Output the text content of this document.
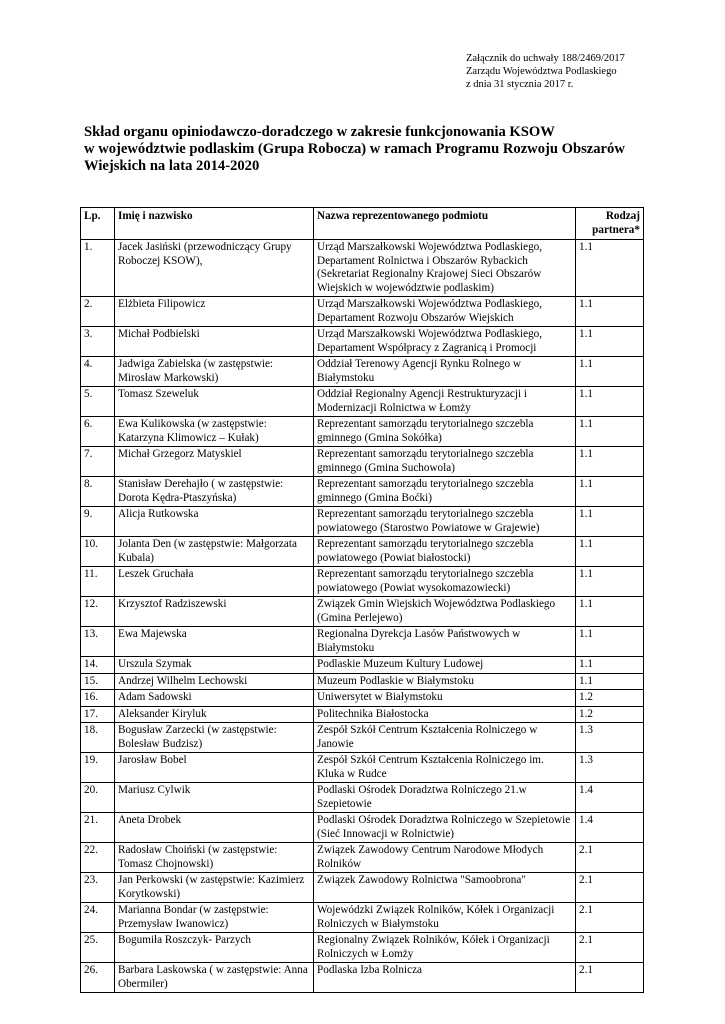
Załącznik do uchwały 188/2469/2017
Zarządu Województwa Podlaskiego
z dnia 31 stycznia 2017 r.
Skład organu opiniodawczo-doradczego w zakresie funkcjonowania KSOW
w województwie podlaskim (Grupa Robocza) w ramach Programu Rozwoju Obszarów
Wiejskich na lata 2014-2020
Lp.	Imię i nazwisko	Nazwa reprezentowanego podmiotu	Rodzaj partnera*
1.	Jacek Jasiński (przewodniczący Grupy Roboczej KSOW),	Urząd Marszałkowski Województwa Podlaskiego, Departament Rolnictwa i Obszarów Rybackich (Sekretariat Regionalny Krajowej Sieci Obszarów Wiejskich w województwie podlaskim)	1.1
2.	Elżbieta Filipowicz	Urząd Marszałkowski Województwa Podlaskiego, Departament Rozwoju Obszarów Wiejskich	1.1
3.	Michał Podbielski	Urząd Marszałkowski Województwa Podlaskiego, Departament Współpracy z Zagranicą i Promocji	1.1
4.	Jadwiga Zabielska (w zastępstwie: Mirosław Markowski)	Oddział Terenowy Agencji Rynku Rolnego w Białymstoku	1.1
5.	Tomasz Szeweluk	Oddział Regionalny Agencji Restrukturyzacji i Modernizacji Rolnictwa w Łomży	1.1
6.	Ewa Kulikowska (w zastępstwie: Katarzyna Klimowicz – Kułak)	Reprezentant samorządu terytorialnego szczebla gminnego (Gmina Sokółka)	1.1
7.	Michał Grzegorz Matyskiel	Reprezentant samorządu terytorialnego szczebla gminnego (Gmina Suchowola)	1.1
8.	Stanisław Derehajło ( w zastępstwie: Dorota Kędra-Ptaszyńska)	Reprezentant samorządu terytorialnego szczebla gminnego (Gmina Boćki)	1.1
9.	Alicja Rutkowska	Reprezentant samorządu terytorialnego szczebla powiatowego (Starostwo Powiatowe w Grajewie)	1.1
10.	Jolanta Den (w zastępstwie: Małgorzata Kubala)	Reprezentant samorządu terytorialnego szczebla powiatowego (Powiat białostocki)	1.1
11.	Leszek Gruchała	Reprezentant samorządu terytorialnego szczebla powiatowego (Powiat wysokomazowiecki)	1.1
12.	Krzysztof Radziszewski	Związek Gmin Wiejskich Województwa Podlaskiego (Gmina Perlejewo)	1.1
13.	Ewa Majewska	Regionalna Dyrekcja Lasów Państwowych w Białymstoku	1.1
14.	Urszula Szymak	Podlaskie Muzeum Kultury Ludowej	1.1
15.	Andrzej Wilhelm Lechowski	Muzeum Podlaskie w Białymstoku	1.1
16.	Adam Sadowski	Uniwersytet w Białymstoku	1.2
17.	Aleksander Kiryluk	Politechnika Białostocka	1.2
18.	Bogusław Zarzecki (w zastępstwie: Bolesław Budzisz)	Zespół Szkół Centrum Kształcenia Rolniczego w Janowie	1.3
19.	Jarosław Bobel	Zespół Szkół Centrum Kształcenia Rolniczego im. Kluka w Rudce	1.3
20.	Mariusz Cylwik	Podlaski Ośrodek Doradztwa Rolniczego 21.w Szepietowie	1.4
21.	Aneta Drobek	Podlaski Ośrodek Doradztwa Rolniczego w Szepietowie (Sieć Innowacji w Rolnictwie)	1.4
22.	Radosław Choiński (w zastępstwie: Tomasz Chojnowski)	Związek Zawodowy Centrum Narodowe Młodych Rolników	2.1
23.	Jan Perkowski (w zastępstwie: Kazimierz Korytkowski)	Związek Zawodowy Rolnictwa "Samoobrona"	2.1
24.	Marianna Bondar (w zastępstwie: Przemysław Iwanowicz)	Wojewódzki Związek Rolników, Kółek i Organizacji Rolniczych w Białymstoku	2.1
25.	Bogumiła Roszczyk- Parzych	Regionalny Związek Rolników, Kółek i Organizacji Rolniczych w Łomży	2.1
26.	Barbara Laskowska ( w zastępstwie: Anna Obermiler)	Podlaska Izba Rolnicza	2.1
